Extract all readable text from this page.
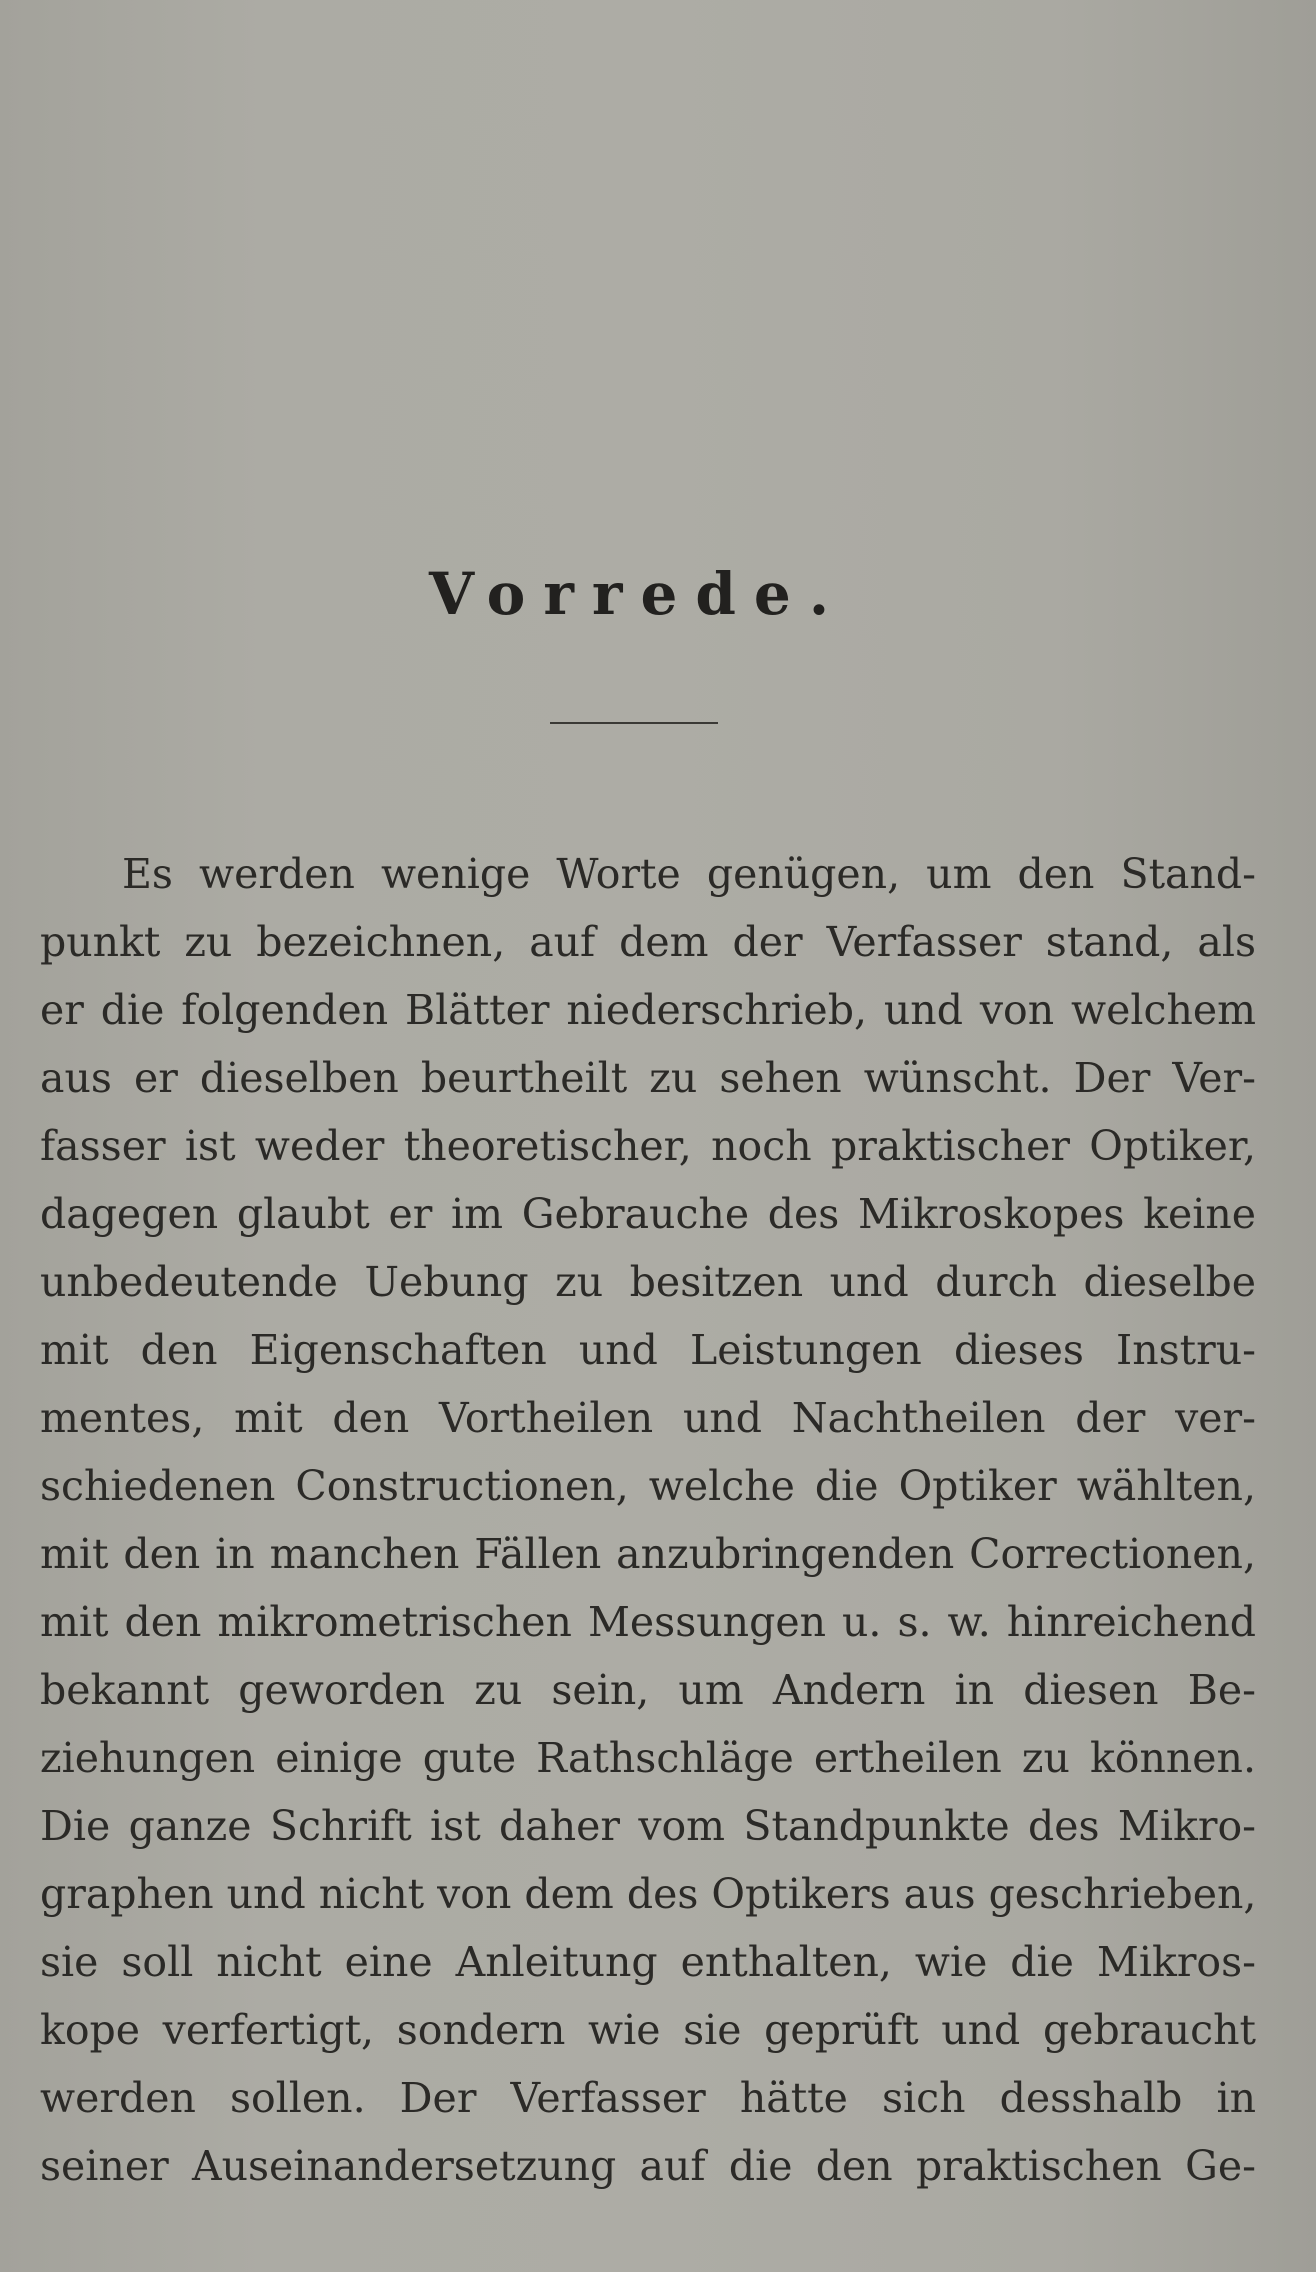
Vorrede.
Es werden wenige Worte genügen, um den Stand-
punkt zu bezeichnen, auf dem der Verfasser stand, als
er die folgenden Blätter niederschrieb, und von welchem
aus er dieselben beurtheilt zu sehen wünscht. Der Ver-
fasser ist weder theoretischer, noch praktischer Optiker,
dagegen glaubt er im Gebrauche des Mikroskopes keine
unbedeutende Uebung zu besitzen und durch dieselbe
mit den Eigenschaften und Leistungen dieses Instru-
mentes, mit den Vortheilen und Nachtheilen der ver-
schiedenen Constructionen, welche die Optiker wählten,
mit den in manchen Fällen anzubringenden Correctionen,
mit den mikrometrischen Messungen u. s. w. hinreichend
bekannt geworden zu sein, um Andern in diesen Be-
ziehungen einige gute Rathschläge ertheilen zu können.
Die ganze Schrift ist daher vom Standpunkte des Mikro-
graphen und nicht von dem des Optikers aus geschrieben,
sie soll nicht eine Anleitung enthalten, wie die Mikros-
kope verfertigt, sondern wie sie geprüft und gebraucht
werden sollen. Der Verfasser hätte sich desshalb in
seiner Auseinandersetzung auf die den praktischen Ge-
